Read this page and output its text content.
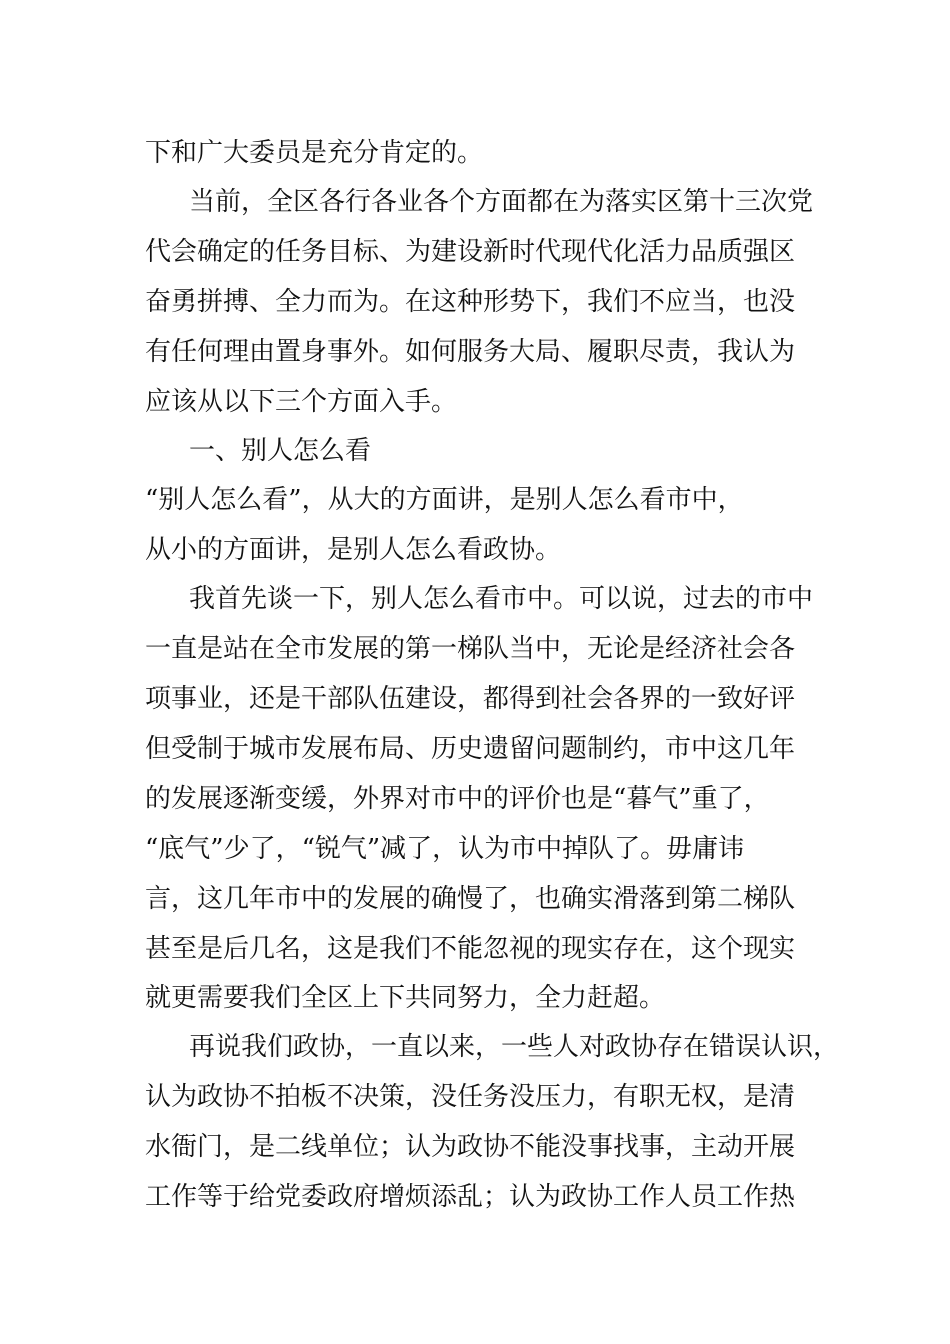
下和广大委员是充分肯定的。
当前，全区各行各业各个方面都在为落实区第十三次党
代会确定的任务目标、为建设新时代现代化活力品质强区
奋勇拼搏、全力而为。在这种形势下，我们不应当，也没
有任何理由置身事外。如何服务大局、履职尽责，我认为
应该从以下三个方面入手。
一、别人怎么看
“别人怎么看”，从大的方面讲，是别人怎么看市中，
从小的方面讲，是别人怎么看政协。
我首先谈一下，别人怎么看市中。可以说，过去的市中
一直是站在全市发展的第一梯队当中，无论是经济社会各
项事业，还是干部队伍建设，都得到社会各界的一致好评
但受制于城市发展布局、历史遗留问题制约，市中这几年
的发展逐渐变缓，外界对市中的评价也是“暮气”重了，
“底气”少了，“锐气”减了，认为市中掉队了。毋庸讳
言，这几年市中的发展的确慢了，也确实滑落到第二梯队
甚至是后几名，这是我们不能忽视的现实存在，这个现实
就更需要我们全区上下共同努力，全力赶超。
再说我们政协，一直以来，一些人对政协存在错误认识，
认为政协不拍板不决策，没任务没压力，有职无权，是清
水衙门，是二线单位；认为政协不能没事找事，主动开展
工作等于给党委政府增烦添乱；认为政协工作人员工作热
